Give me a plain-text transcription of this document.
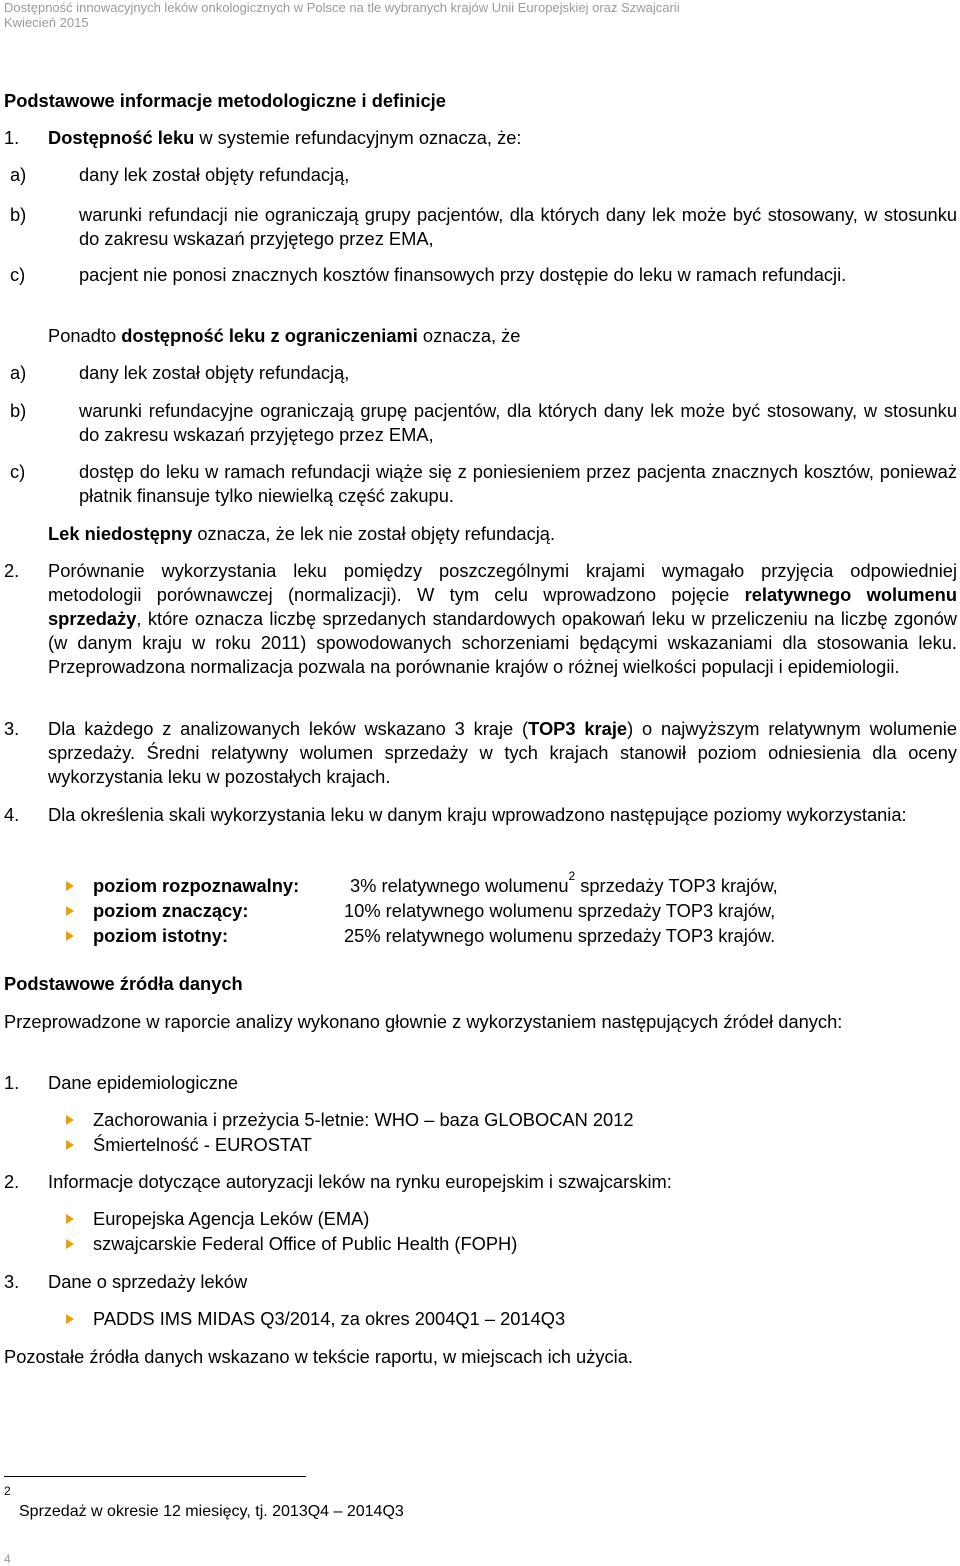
Dostępność innowacyjnych leków onkologicznych w Polsce na tle wybranych krajów Unii Europejskiej oraz Szwajcarii
Kwiecień 2015
Podstawowe informacje metodologiczne i definicje
1. Dostępność leku w systemie refundacyjnym oznacza, że:
a)	dany lek został objęty refundacją,
b)	warunki refundacji nie ograniczają grupy pacjentów, dla których dany lek może być stosowany, w stosunku do zakresu wskazań przyjętego przez EMA,
c)	pacjent nie ponosi znacznych kosztów finansowych przy dostępie do leku w ramach refundacji.
Ponadto dostępność leku z ograniczeniami oznacza, że
a)	dany lek został objęty refundacją,
b)	warunki refundacyjne ograniczają grupę pacjentów, dla których dany lek może być stosowany, w stosunku do zakresu wskazań przyjętego przez EMA,
c)	dostęp do leku w ramach refundacji wiąże się z poniesieniem przez pacjenta znacznych kosztów, ponieważ płatnik finansuje tylko niewielką część zakupu.
Lek niedostępny oznacza, że lek nie został objęty refundacją.
2. Porównanie wykorzystania leku pomiędzy poszczególnymi krajami wymagało przyjęcia odpowiedniej metodologii porównawczej (normalizacji). W tym celu wprowadzono pojęcie relatywnego wolumenu sprzedaży, które oznacza liczbę sprzedanych standardowych opakowań leku w przeliczeniu na liczbę zgonów (w danym kraju w roku 2011) spowodowanych schorzeniami będącymi wskazaniami dla stosowania leku. Przeprowadzona normalizacja pozwala na porównanie krajów o różnej wielkości populacji i epidemiologii.
3. Dla każdego z analizowanych leków wskazano 3 kraje (TOP3 kraje) o najwyższym relatywnym wolumenie sprzedaży. Średni relatywny wolumen sprzedaży w tych krajach stanowił poziom odniesienia dla oceny wykorzystania leku w pozostałych krajach.
4. Dla określenia skali wykorzystania leku w danym kraju wprowadzono następujące poziomy wykorzystania:
poziom rozpoznawalny:	3% relatywnego wolumenu$^2$ sprzedaży TOP3 krajów,
poziom znaczący:	10% relatywnego wolumenu sprzedaży TOP3 krajów,
poziom istotny:	25% relatywnego wolumenu sprzedaży TOP3 krajów.
Podstawowe źródła danych
Przeprowadzone w raporcie analizy wykonano głownie z wykorzystaniem następujących źródeł danych:
1. Dane epidemiologiczne
Zachorowania i przeżycia 5-letnie: WHO – baza GLOBOCAN 2012
Śmiertelność - EUROSTAT
2. Informacje dotyczące autoryzacji leków na rynku europejskim i szwajcarskim:
Europejska Agencja Leków (EMA)
szwajcarskie Federal Office of Public Health (FOPH)
3. Dane o sprzedaży leków
PADDS IMS MIDAS Q3/2014, za okres 2004Q1 – 2014Q3
Pozostałe źródła danych wskazano w tekście raportu, w miejscach ich użycia.
2
Sprzedaż w okresie 12 miesięcy, tj. 2013Q4 – 2014Q3
4
